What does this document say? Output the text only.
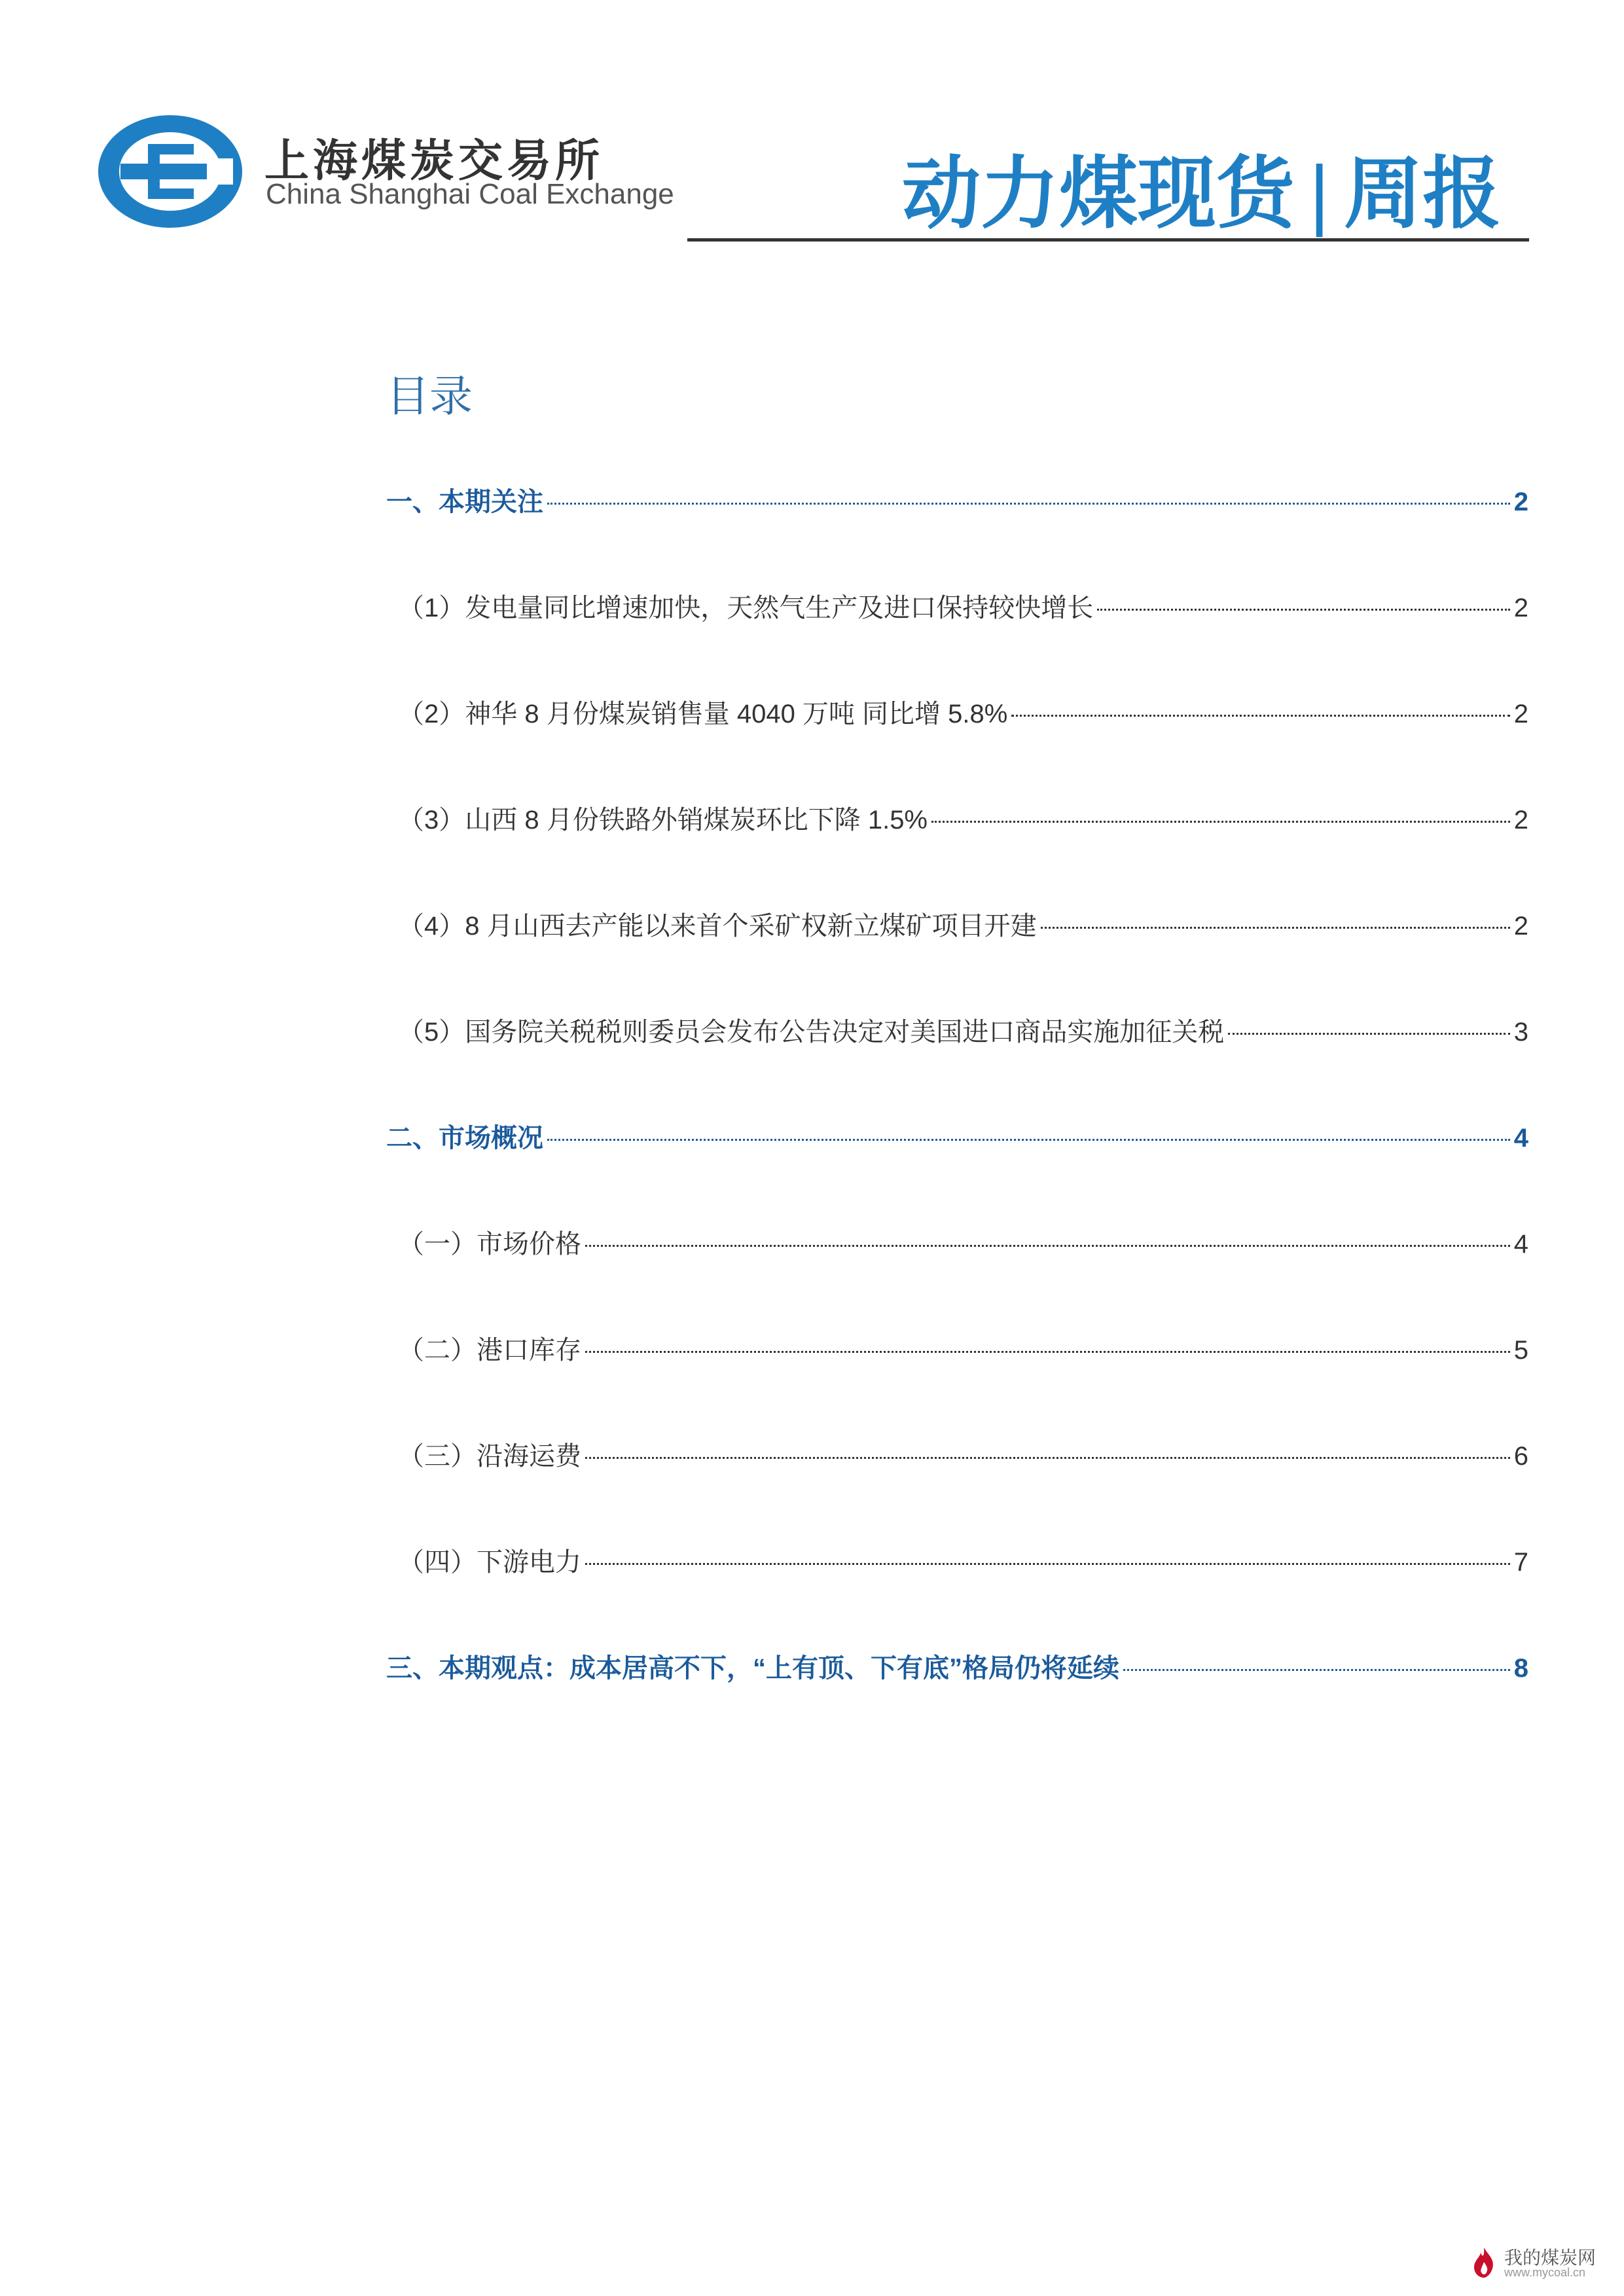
上海煤炭交易所
China Shanghai Coal Exchange	动力煤现货 | 周报
目录
一、本期关注	2
（1）发电量同比增速加快，天然气生产及进口保持较快增长	2
（2）神华 8 月份煤炭销售量 4040 万吨 同比增 5.8%	2
（3）山西 8 月份铁路外销煤炭环比下降 1.5%	2
（4）8 月山西去产能以来首个采矿权新立煤矿项目开建	2
（5）国务院关税税则委员会发布公告决定对美国进口商品实施加征关税	3
二、市场概况	4
（一）市场价格	4
（二）港口库存	5
（三）沿海运费	6
（四）下游电力	7
三、本期观点：成本居高不下，“上有顶、下有底”格局仍将延续	8
我的煤炭网
www.mycoal.cn
